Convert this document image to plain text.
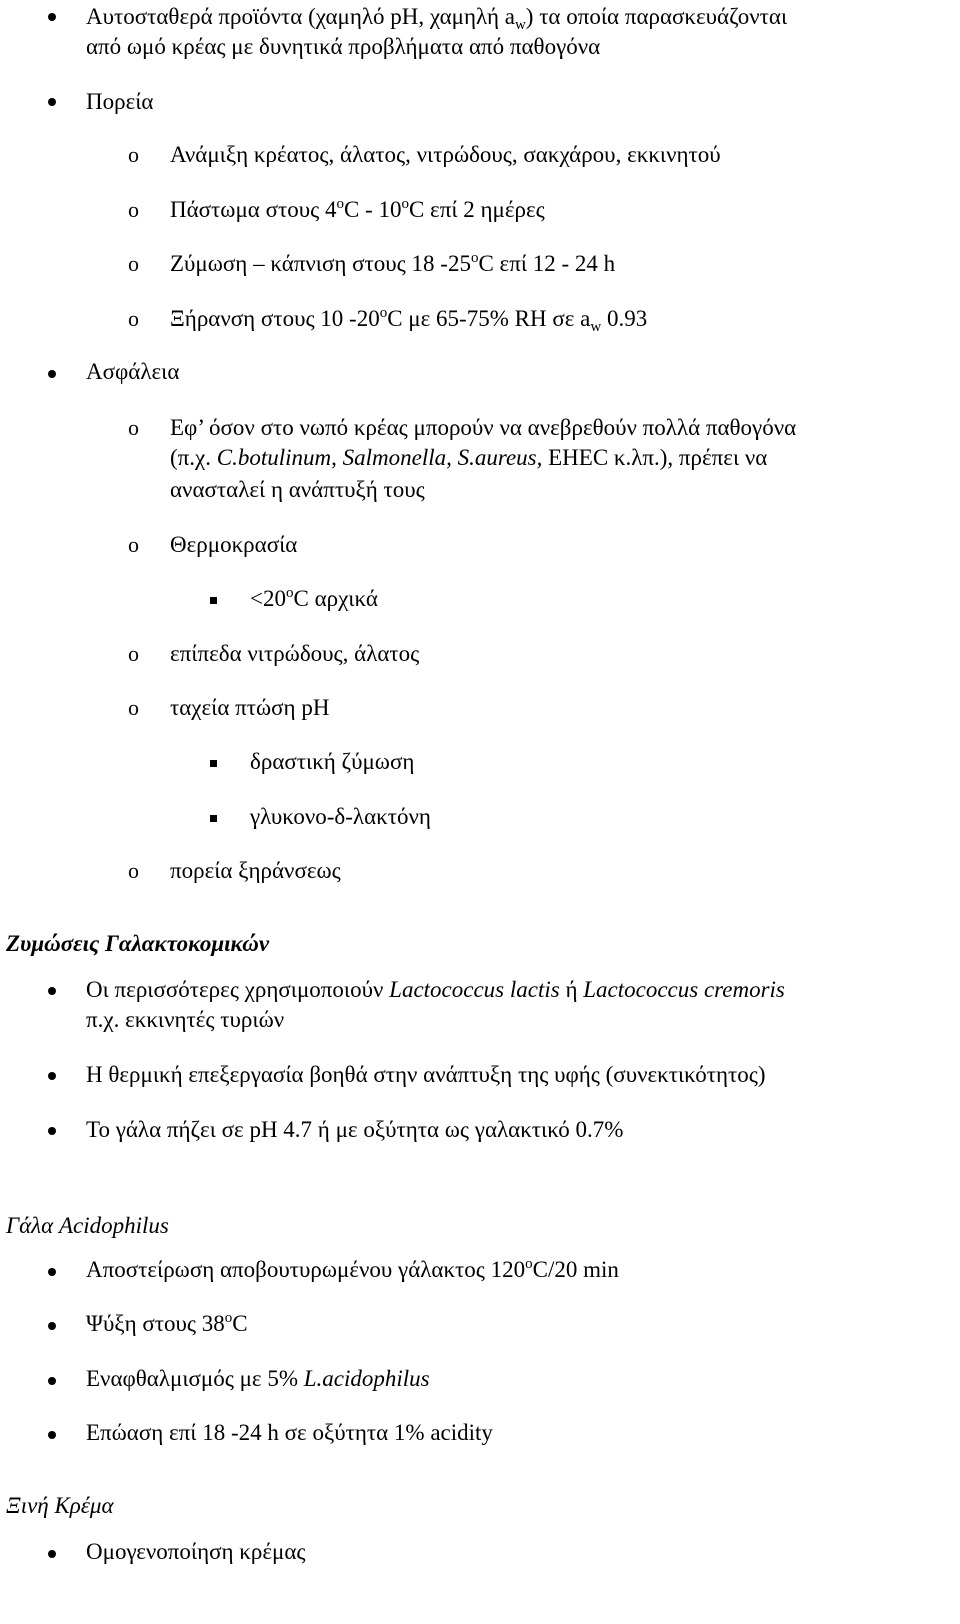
Αυτοσταθερά προϊόντα (χαμηλό pH, χαμηλή $a_w$) τα οποία παρασκευάζονται
από ωμό κρέας με δυνητικά προβλήματα από παθογόνα
Πορεία
o Ανάμιξη κρέατος, άλατος, νιτρώδους, σακχάρου, εκκινητού
o Πάστωμα στους 4$^o$C - 10$^o$C επί 2 ημέρες
o Ζύμωση – κάπνιση στους 18 -25$^o$C επί 12 - 24 h
o Ξήρανση στους 10 -20$^o$C με 65-75% RH σε $a_w$ 0.93
Ασφάλεια
o Εφ’ όσον στο νωπό κρέας μπορούν να ανεβρεθούν πολλά παθογόνα
(π.χ. C.botulinum, Salmonella, S.aureus, EHEC κ.λπ.), πρέπει να
ανασταλεί η ανάπτυξή τους
o Θερμοκρασία
$<20^oC$ αρχικά
o επίπεδα νιτρώδους, άλατος
o ταχεία πτώση pH
δραστική ζύμωση
γλυκονο-δ-λακτόνη
o πορεία ξηράνσεως
Ζυμώσεις Γαλακτοκομικών
Οι περισσότερες χρησιμοποιούν Lactococcus lactis ή Lactococcus cremoris
π.χ. εκκινητές τυριών
Η θερμική επεξεργασία βοηθά στην ανάπτυξη της υφής (συνεκτικότητος)
Το γάλα πήζει σε pH 4.7 ή με οξύτητα ως γαλακτικό 0.7%
Γάλα Acidophilus
Αποστείρωση αποβουτυρωμένου γάλακτος 120$^o$C/20 min
Ψύξη στους 38$^o$C
Εναφθαλμισμός με 5% L.acidophilus
Επώαση επί 18 -24 h σε οξύτητα 1% acidity
Ξινή Κρέμα
Ομογενοποίηση κρέμας
